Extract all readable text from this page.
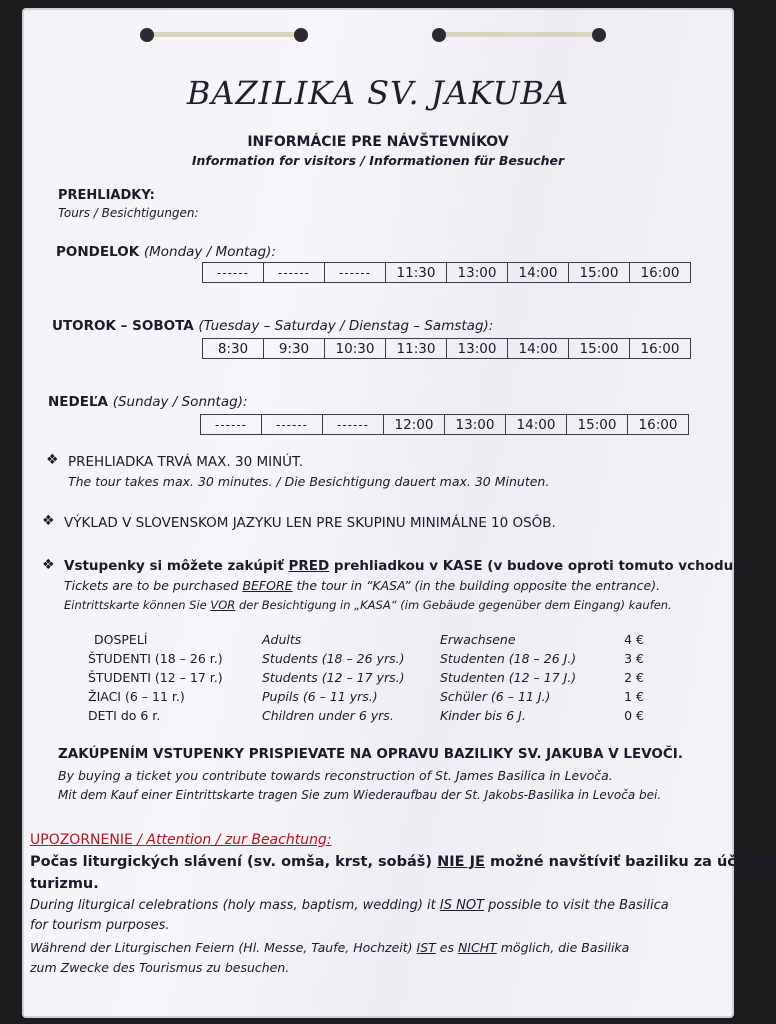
BAZILIKA SV. JAKUBA
INFORMÁCIE PRE NÁVŠTEVNÍKOV
Information for visitors / Informationen für Besucher
PREHLIADKY:
Tours / Besichtigungen:
PONDELOK (Monday / Montag):
------	------	------	11:30	13:00	14:00	15:00	16:00
UTOROK – SOBOTA (Tuesday – Saturday / Dienstag – Samstag):
8:30	9:30	10:30	11:30	13:00	14:00	15:00	16:00
NEDEĽA (Sunday / Sonntag):
------	------	------	12:00	13:00	14:00	15:00	16:00
❖ PREHLIADKA TRVÁ MAX. 30 MINÚT.
The tour takes max. 30 minutes. / Die Besichtigung dauert max. 30 Minuten.
❖ VÝKLAD V SLOVENSKOM JAZYKU LEN PRE SKUPINU MINIMÁLNE 10 OSÔB.
❖ Vstupenky si môžete zakúpiť PRED prehliadkou v KASE (v budove oproti tomuto vchodu).
Tickets are to be purchased BEFORE the tour in “KASA” (in the building opposite the entrance).
Eintrittskarte können Sie VOR der Besichtigung in „KASA“ (im Gebäude gegenüber dem Eingang) kaufen.
DOSPELÍ	Adults	Erwachsene	4 €
ŠTUDENTI (18 – 26 r.)	Students (18 – 26 yrs.)	Studenten (18 – 26 J.)	3 €
ŠTUDENTI (12 – 17 r.)	Students (12 – 17 yrs.)	Studenten (12 – 17 J.)	2 €
ŽIACI (6 – 11 r.)	Pupils (6 – 11 yrs.)	Schüler (6 – 11 J.)	1 €
DETI do 6 r.	Children under 6 yrs.	Kinder bis 6 J.	0 €
ZAKÚPENÍM VSTUPENKY PRISPIEVATE NA OPRAVU BAZILIKY SV. JAKUBA V LEVOČI.
By buying a ticket you contribute towards reconstruction of St. James Basilica in Levoča.
Mit dem Kauf einer Eintrittskarte tragen Sie zum Wiederaufbau der St. Jakobs-Basilika in Levoča bei.
UPOZORNENIE / Attention / zur Beachtung:
Počas liturgických slávení (sv. omša, krst, sobáš) NIE JE možné navštíviť baziliku za účelom
turizmu.
During liturgical celebrations (holy mass, baptism, wedding) it IS NOT possible to visit the Basilica
for tourism purposes.
Während der Liturgischen Feiern (Hl. Messe, Taufe, Hochzeit) IST es NICHT möglich, die Basilika
zum Zwecke des Tourismus zu besuchen.
